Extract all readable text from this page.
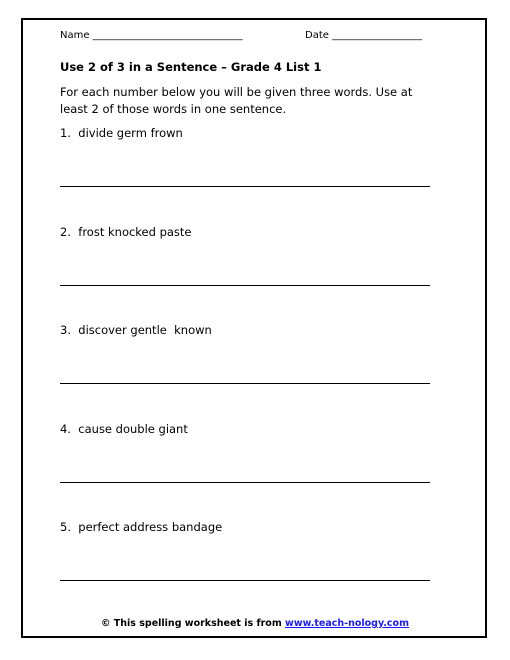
Name ______________________________	Date __________________
Use 2 of 3 in a Sentence – Grade 4 List 1
For each number below you will be given three words. Use at least 2 of those words in one sentence.
1.  divide germ frown
2.  frost knocked paste
3.  discover gentle  known
4.  cause double giant
5.  perfect address bandage
© This spelling worksheet is from www.teach-nology.com
